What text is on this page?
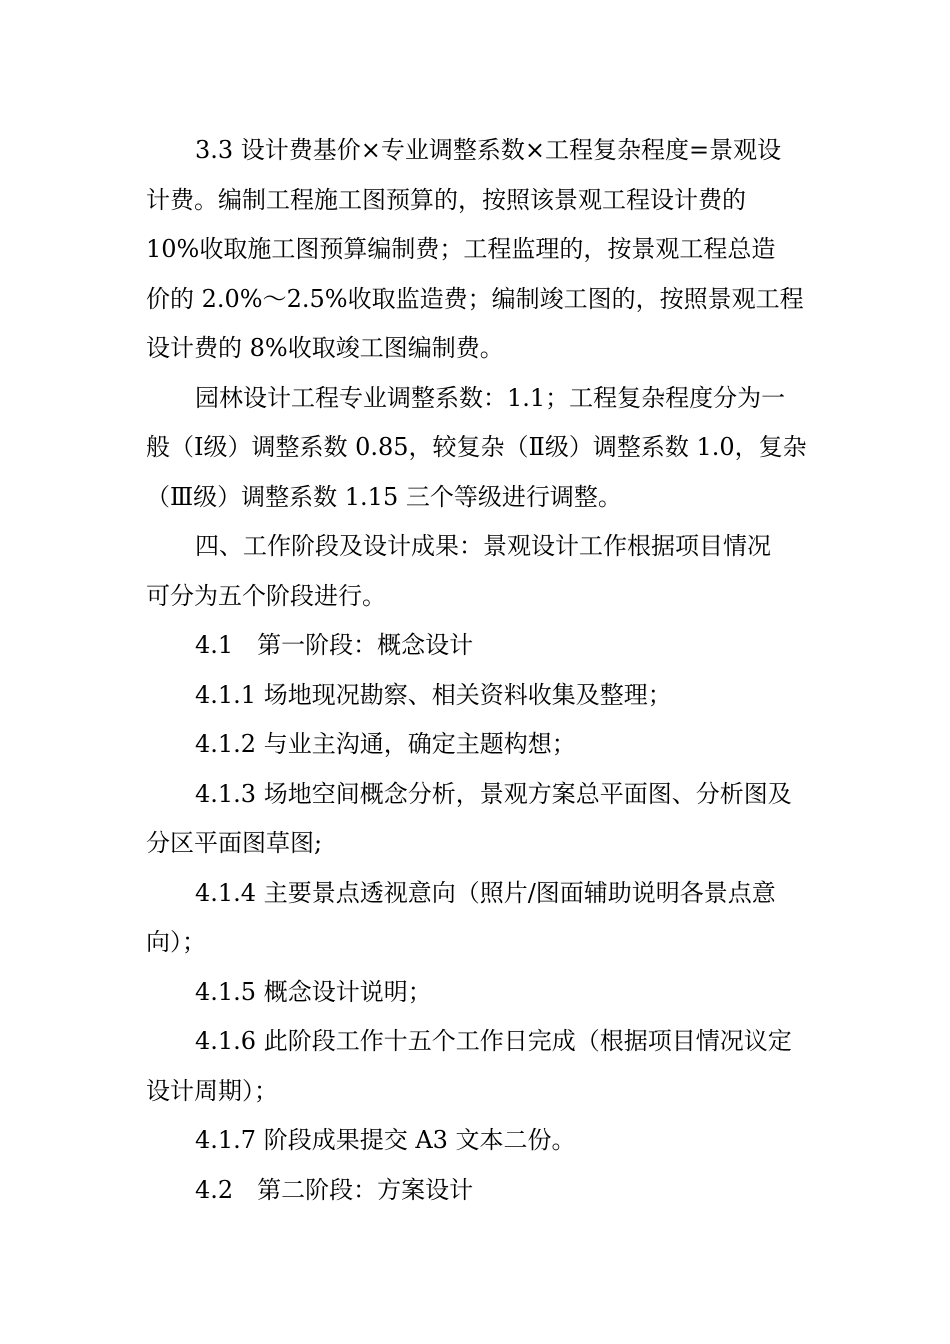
3.3 设计费基价×专业调整系数×工程复杂程度=景观设
计费。编制工程施工图预算的，按照该景观工程设计费的
10%收取施工图预算编制费；工程监理的，按景观工程总造
价的 2.0%～2.5%收取监造费；编制竣工图的，按照景观工程
设计费的 8%收取竣工图编制费。
园林设计工程专业调整系数：1.1；工程复杂程度分为一
般（Ⅰ级）调整系数 0.85，较复杂（Ⅱ级）调整系数 1.0，复杂
（Ⅲ级）调整系数 1.15 三个等级进行调整。
四、工作阶段及设计成果：景观设计工作根据项目情况
可分为五个阶段进行。
4.1　第一阶段：概念设计
4.1.1 场地现况勘察、相关资料收集及整理；
4.1.2 与业主沟通，确定主题构想；
4.1.3 场地空间概念分析，景观方案总平面图、分析图及
分区平面图草图;
4.1.4 主要景点透视意向（照片/图面辅助说明各景点意
向）；
4.1.5 概念设计说明；
4.1.6 此阶段工作十五个工作日完成（根据项目情况议定
设计周期）；
4.1.7 阶段成果提交 A3 文本二份。
4.2　第二阶段：方案设计
